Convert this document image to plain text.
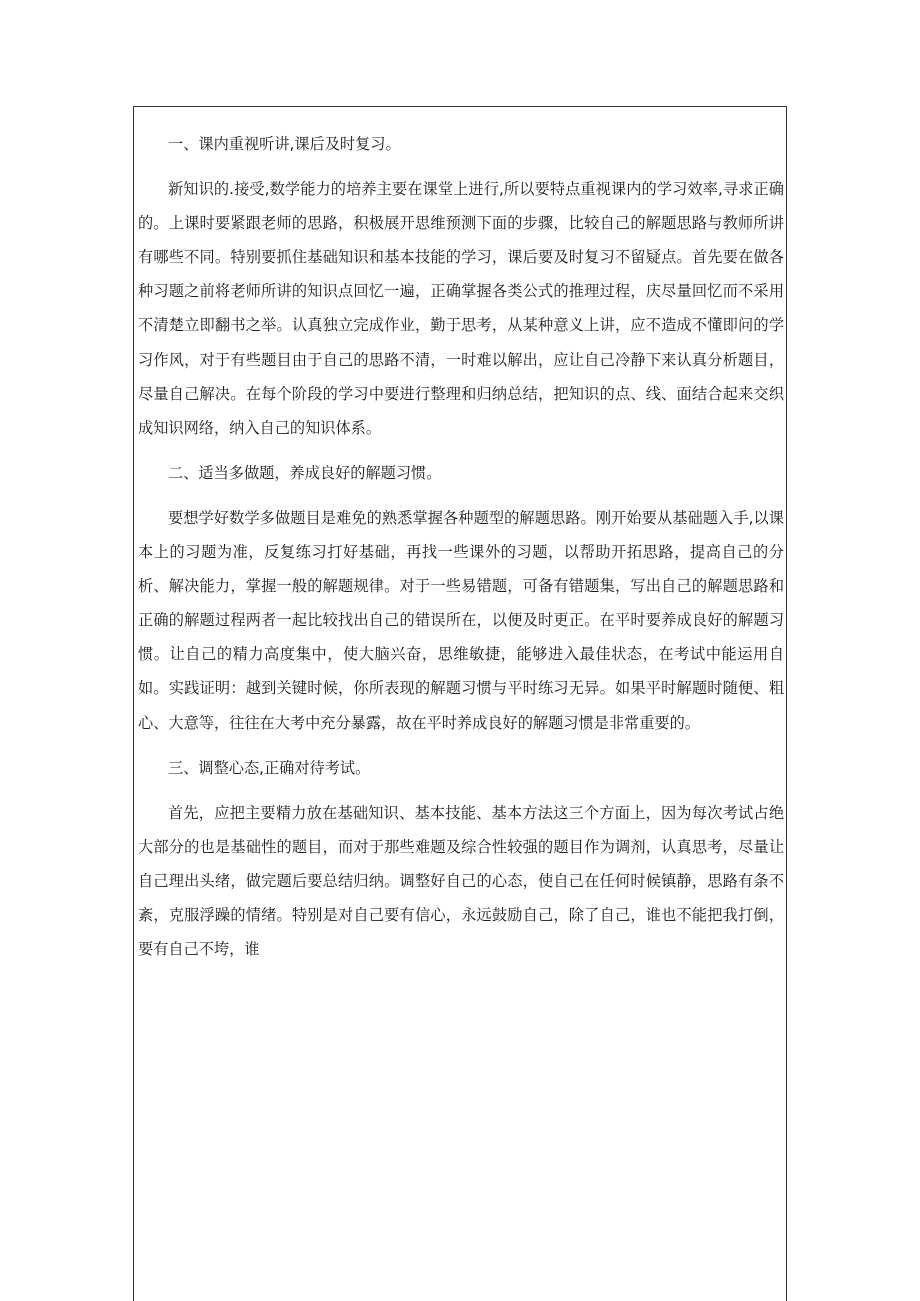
一、课内重视听讲,课后及时复习。

新知识的.接受,数学能力的培养主要在课堂上进行,所以要特点重视课内的学习效率,寻求正确的。上课时要紧跟老师的思路，积极展开思维预测下面的步骤，比较自己的解题思路与教师所讲有哪些不同。特别要抓住基础知识和基本技能的学习，课后要及时复习不留疑点。首先要在做各种习题之前将老师所讲的知识点回忆一遍，正确掌握各类公式的推理过程，庆尽量回忆而不采用不清楚立即翻书之举。认真独立完成作业，勤于思考，从某种意义上讲，应不造成不懂即问的学习作风，对于有些题目由于自己的思路不清，一时难以解出，应让自己冷静下来认真分析题目，尽量自己解决。在每个阶段的学习中要进行整理和归纳总结，把知识的点、线、面结合起来交织成知识网络，纳入自己的知识体系。

二、适当多做题，养成良好的解题习惯。

要想学好数学多做题目是难免的熟悉掌握各种题型的解题思路。刚开始要从基础题入手,以课本上的习题为准，反复练习打好基础，再找一些课外的习题，以帮助开拓思路，提高自己的分析、解决能力，掌握一般的解题规律。对于一些易错题，可备有错题集，写出自己的解题思路和正确的解题过程两者一起比较找出自己的错误所在，以便及时更正。在平时要养成良好的解题习惯。让自己的精力高度集中，使大脑兴奋，思维敏捷，能够进入最佳状态，在考试中能运用自如。实践证明：越到关键时候，你所表现的解题习惯与平时练习无异。如果平时解题时随便、粗心、大意等，往往在大考中充分暴露，故在平时养成良好的解题习惯是非常重要的。

三、调整心态,正确对待考试。

首先，应把主要精力放在基础知识、基本技能、基本方法这三个方面上，因为每次考试占绝大部分的也是基础性的题目，而对于那些难题及综合性较强的题目作为调剂，认真思考，尽量让自己理出头绪，做完题后要总结归纳。调整好自己的心态，使自己在任何时候镇静，思路有条不紊，克服浮躁的情绪。特别是对自己要有信心，永远鼓励自己，除了自己，谁也不能把我打倒，要有自己不垮，谁
